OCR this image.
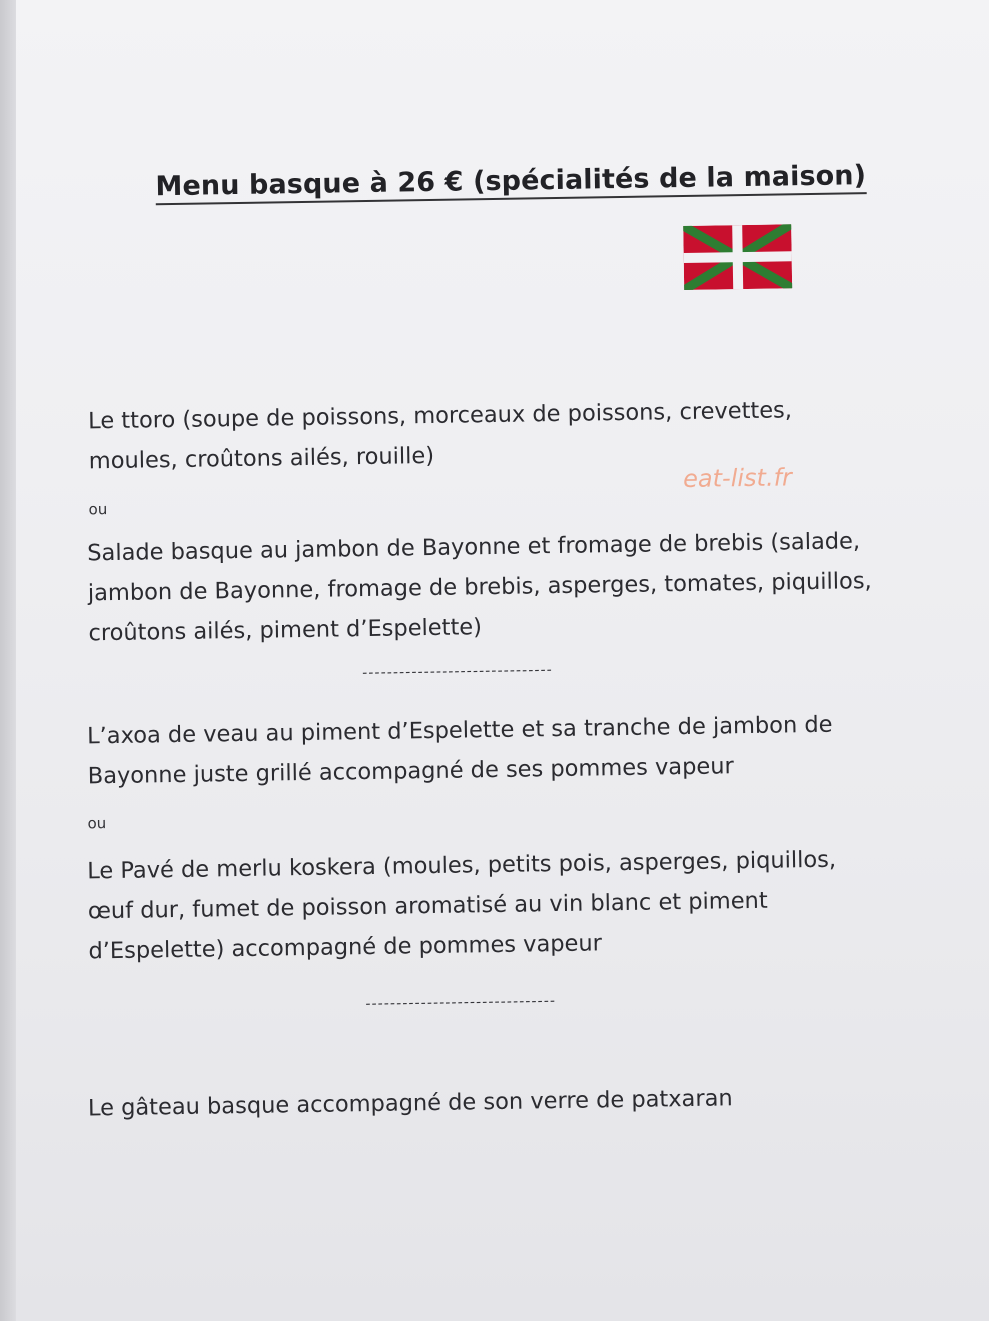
Menu basque à 26 € (spécialités de la maison)
eat-list.fr
Le ttoro (soupe de poissons, morceaux de poissons, crevettes,
moules, croûtons ailés, rouille)
ou
Salade basque au jambon de Bayonne et fromage de brebis (salade,
jambon de Bayonne, fromage de brebis, asperges, tomates, piquillos,
croûtons ailés, piment d’Espelette)
-------------------------------
L’axoa de veau au piment d’Espelette et sa tranche de jambon de
Bayonne juste grillé accompagné de ses pommes vapeur
ou
Le Pavé de merlu koskera (moules, petits pois, asperges, piquillos,
œuf dur, fumet de poisson aromatisé au vin blanc et piment
d’Espelette) accompagné de pommes vapeur
-------------------------------
Le gâteau basque accompagné de son verre de patxaran
